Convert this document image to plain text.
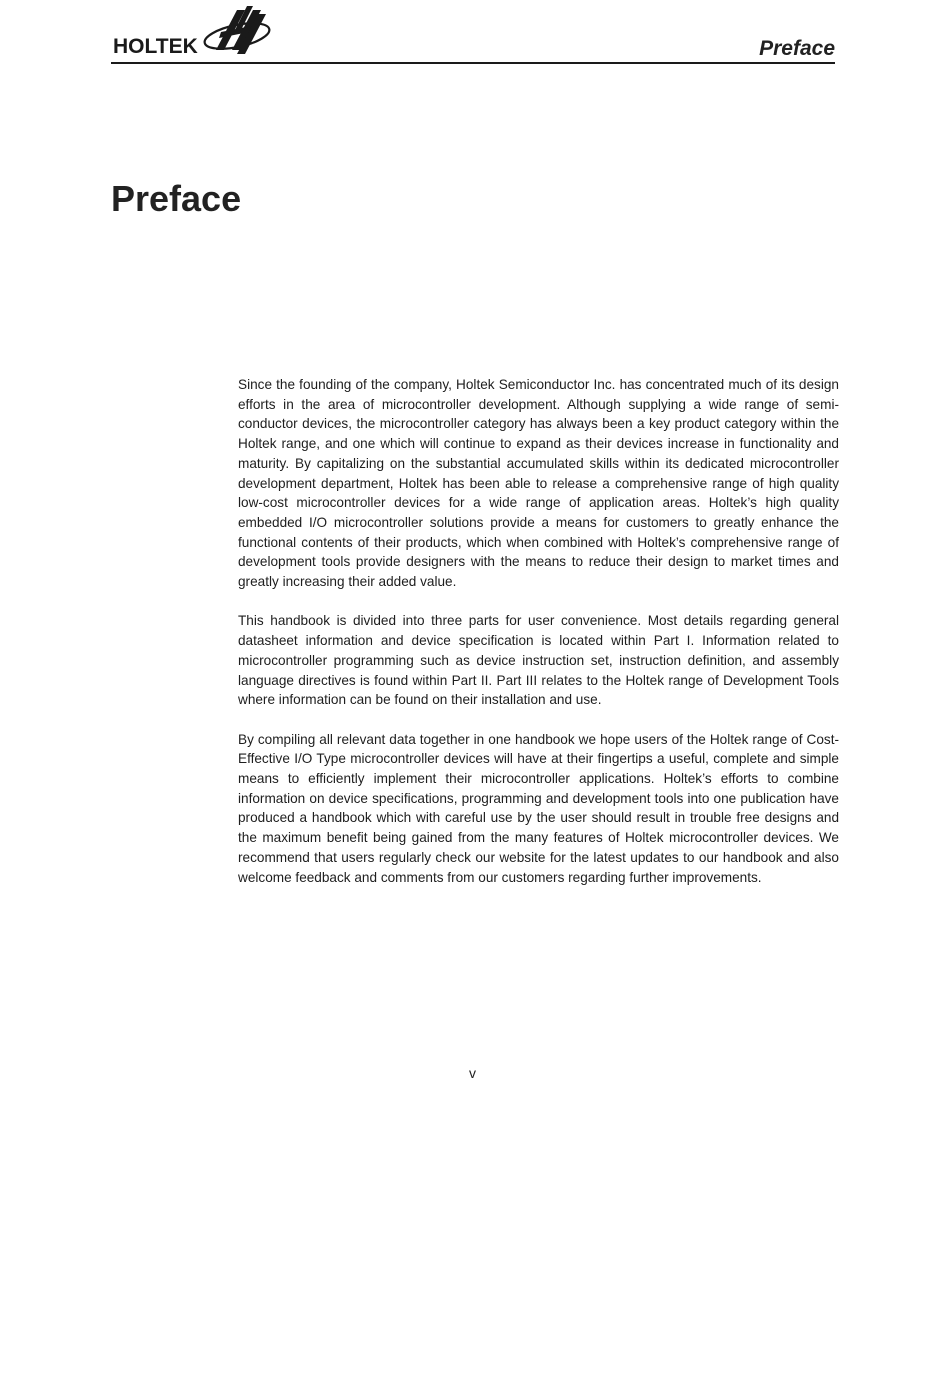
HOLTEK	Preface
Preface

Since the founding of the company, Holtek Semiconductor Inc. has concentrated much of its design efforts in the area of microcontroller development. Although supplying a wide range of semiconductor devices, the microcontroller category has always been a key product category within the Holtek range, and one which will continue to expand as their devices increase in functionality and maturity. By capitalizing on the substantial accumulated skills within its dedicated microcontroller development department, Holtek has been able to release a comprehensive range of high quality low-cost microcontroller devices for a wide range of application areas. Holtek’s high quality embedded I/O microcontroller solutions provide a means for customers to greatly enhance the functional contents of their products, which when combined with Holtek’s comprehensive range of development tools provide designers with the means to reduce their design to market times and greatly increasing their added value.

This handbook is divided into three parts for user convenience. Most details regarding general datasheet information and device specification is located within Part I. Information related to microcontroller programming such as device instruction set, instruction definition, and assembly language directives is found within Part II. Part III relates to the Holtek range of Development Tools where information can be found on their installation and use.

By compiling all relevant data together in one handbook we hope users of the Holtek range of Cost-Effective I/O Type microcontroller devices will have at their fingertips a useful, complete and simple means to efficiently implement their microcontroller applications. Holtek’s efforts to combine information on device specifications, programming and development tools into one publication have produced a handbook which with careful use by the user should result in trouble free designs and the maximum benefit being gained from the many features of Holtek microcontroller devices. We recommend that users regularly check our website for the latest updates to our handbook and also welcome feedback and comments from our customers regarding further improvements.

v
